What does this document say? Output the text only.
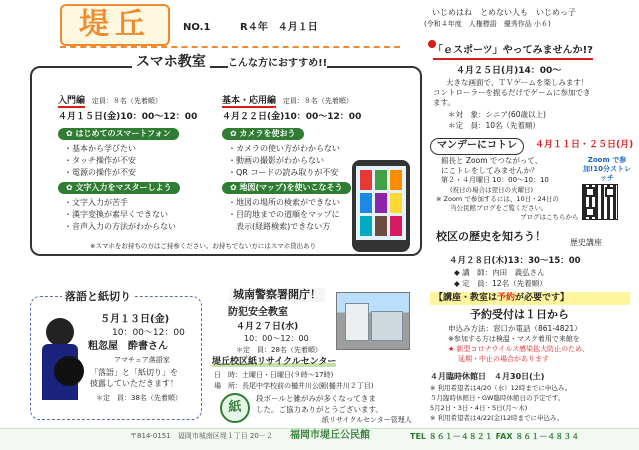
堤丘	NO.1	R４年　４月１日
いじめはね　とめない人も　いじめっ子
(令和４年度　人権標語　優秀作品 小６)
スマホ教室	こんな方におすすめ!!
入門編 定員：８名（先着順）
４月１５日(金)10：00～12：00
✿ はじめてのスマートフォン
・基本から学びたい
・タッチ操作が不安
・電源の操作が不安
✿ 文字入力をマスターしよう
・文字入力が苦手
・漢字変換が素早くできない
・音声入力の方法がわからない
基本・応用編 定員：８名（先着順）
４月２２日(金)10：00～12：00
✿ カメラを使おう
・カメラの使い方がわからない
・動画の撮影がわからない
・QR コードの読み取りが不安
✿ 地図(マップ)を使いこなそう
・地図の場所の検索ができない
・目的地までの道順をマップに
　表示(経路検索)できない方
※スマホをお持ちの方はご持参ください。お持ちでない方にはスマホ貸出あり
落語と紙切り
５月１３日(金)
10：00～12：00
粗忽屋　酔書さん
アマチュア落語家
「落語」と「紙切り」を
披露していただきます！
＊定　員：38名（先着順）
城南警察署開庁！
防犯安全教室
４月２７日(水)
10：00～12：00
＊定　員：28名（先着順）
堤丘校区紙リサイクルセンター
日　時：土曜日・日曜日(９時～17時)
場　所：長尾中学校前の樋井川公園(樋井川２丁目)
紙
段ボールと雑がみが多くなってきま
した。ご協力ありがとうございます。
紙リサイクルセンター管理人
「ｅスポーツ」やってみませんか!?
４月２５日(月)14：00～
大きな画面で、ＴＶゲームを楽しみます！
コントローラーを振るだけでゲームに参加でき
ます。
＊対　象：シニア(60歳以上)
＊定　員：10名（先着順）
マンデーにコトレ	４月１１日・２５日(月)
館長と Zoom でつながって、
にこトレをしてみませんか？
第２・４月曜日 10：00～10：10
(祝日の場合は翌日の火曜日)
※ Zoom で参加するには、10日・24日の
当公民館ブログをご覧ください。
ブログはこちらから
Zoom で参加!10分ストレッチ
校区の歴史を知ろう！	歴史講座
４月２８日(木)13：30～15：00
◆ 講　師：内田　義弘さん
◆ 定　員：12名（先着順）
【講座・教室は予約が必要です】
予約受付は１日から
申込み方法：窓口か電話（861-4821）
※参加する方は検温・マスク着用で来館を
★ 新型コロナウイルス感染拡大防止のため、
延期・中止の場合があります
４月臨時休館日　４月30日(土)
※ 利用希望者は4/20（水）12時までに申込み。
５月臨時休館日・GW臨時休館日の予定です。
5月2日・3日・4日・5日(月～木)
※ 利用希望者は4/22(金)12時までに申込み。
〒814-0151　福岡市城南区堤１丁目 20－２ 福岡市堤丘公民館	TEL ８６１－４８２１ FAX ８６１－４８３４
